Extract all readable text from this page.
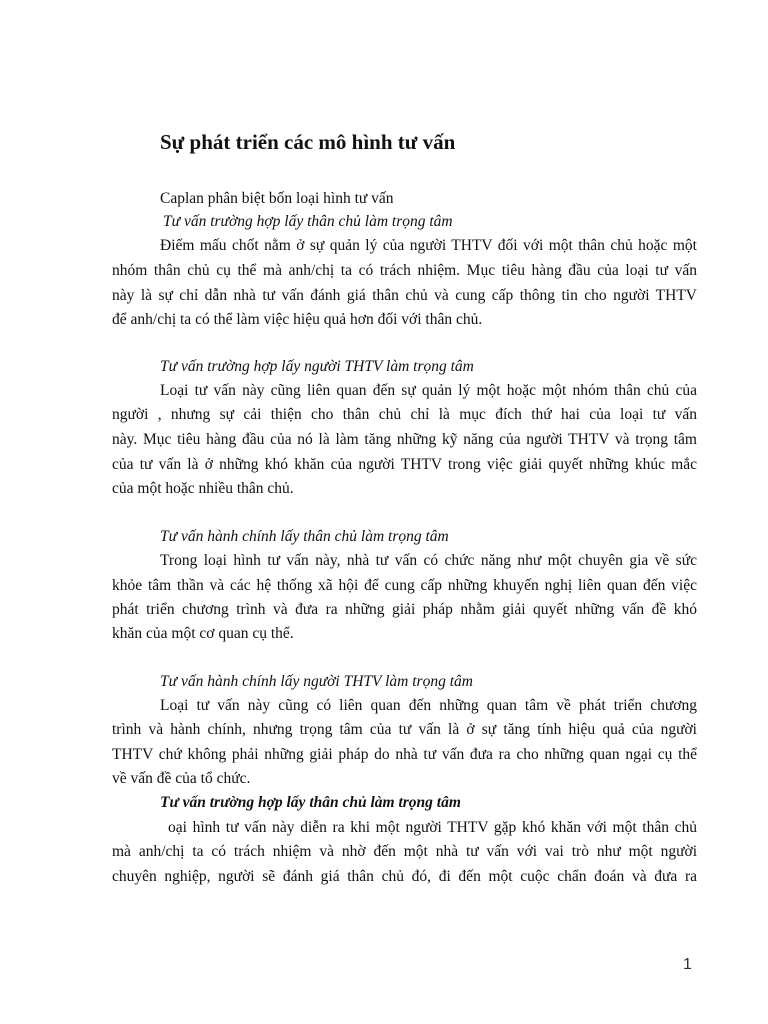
Sự phát triển các mô hình tư vấn
Caplan phân biệt bốn loại hình tư vấn
Tư vấn trường hợp lấy thân chủ làm trọng tâm
Điểm mấu chốt nằm ở sự quản lý của người THTV đối với một thân chủ hoặc một
nhóm thân chủ cụ thể mà anh/chị ta có trách nhiệm. Mục tiêu hàng đầu của loại tư vấn
này là sự chỉ dẫn nhà tư vấn đánh giá thân chủ và cung cấp thông tin cho người THTV
để anh/chị ta có thể làm việc hiệu quả hơn đối với thân chủ.
Tư vấn trường hợp lấy người THTV làm trọng tâm
Loại tư vấn này cũng liên quan đến sự quản lý một hoặc một nhóm thân chủ của
người , nhưng sự cải thiện cho thân chủ chỉ là mục đích thứ hai của loại tư vấn
này. Mục tiêu hàng đầu của nó là làm tăng những kỹ năng của người THTV và trọng tâm
của tư vấn là ở những khó khăn của người THTV trong việc giải quyết những khúc mắc
của một hoặc nhiều thân chủ.
Tư vấn hành chính lấy thân chủ làm trọng tâm
Trong loại hình tư vấn này, nhà tư vấn có chức năng như một chuyên gia về sức
khỏe tâm thần và các hệ thống xã hội để cung cấp những khuyến nghị liên quan đến việc
phát triển chương trình và đưa ra những giải pháp nhằm giải quyết những vấn đề khó
khăn của một cơ quan cụ thể.
Tư vấn hành chính lấy người THTV làm trọng tâm
Loại tư vấn này cũng có liên quan đến những quan tâm về phát triển chương
trình và hành chính, nhưng trọng tâm của tư vấn là ở sự tăng tính hiệu quả của người
THTV chứ không phải những giải pháp do nhà tư vấn đưa ra cho những quan ngại cụ thể
về vấn đề của tổ chức.
Tư vấn trường hợp lấy thân chủ làm trọng tâm
oại hình tư vấn này diễn ra khi một người THTV gặp khó khăn với một thân chủ
mà anh/chị ta có trách nhiệm và nhờ đến một nhà tư vấn với vai trò như một người
chuyên nghiệp, người sẽ đánh giá thân chủ đó, đi đến một cuộc chẩn đoán và đưa ra
1
